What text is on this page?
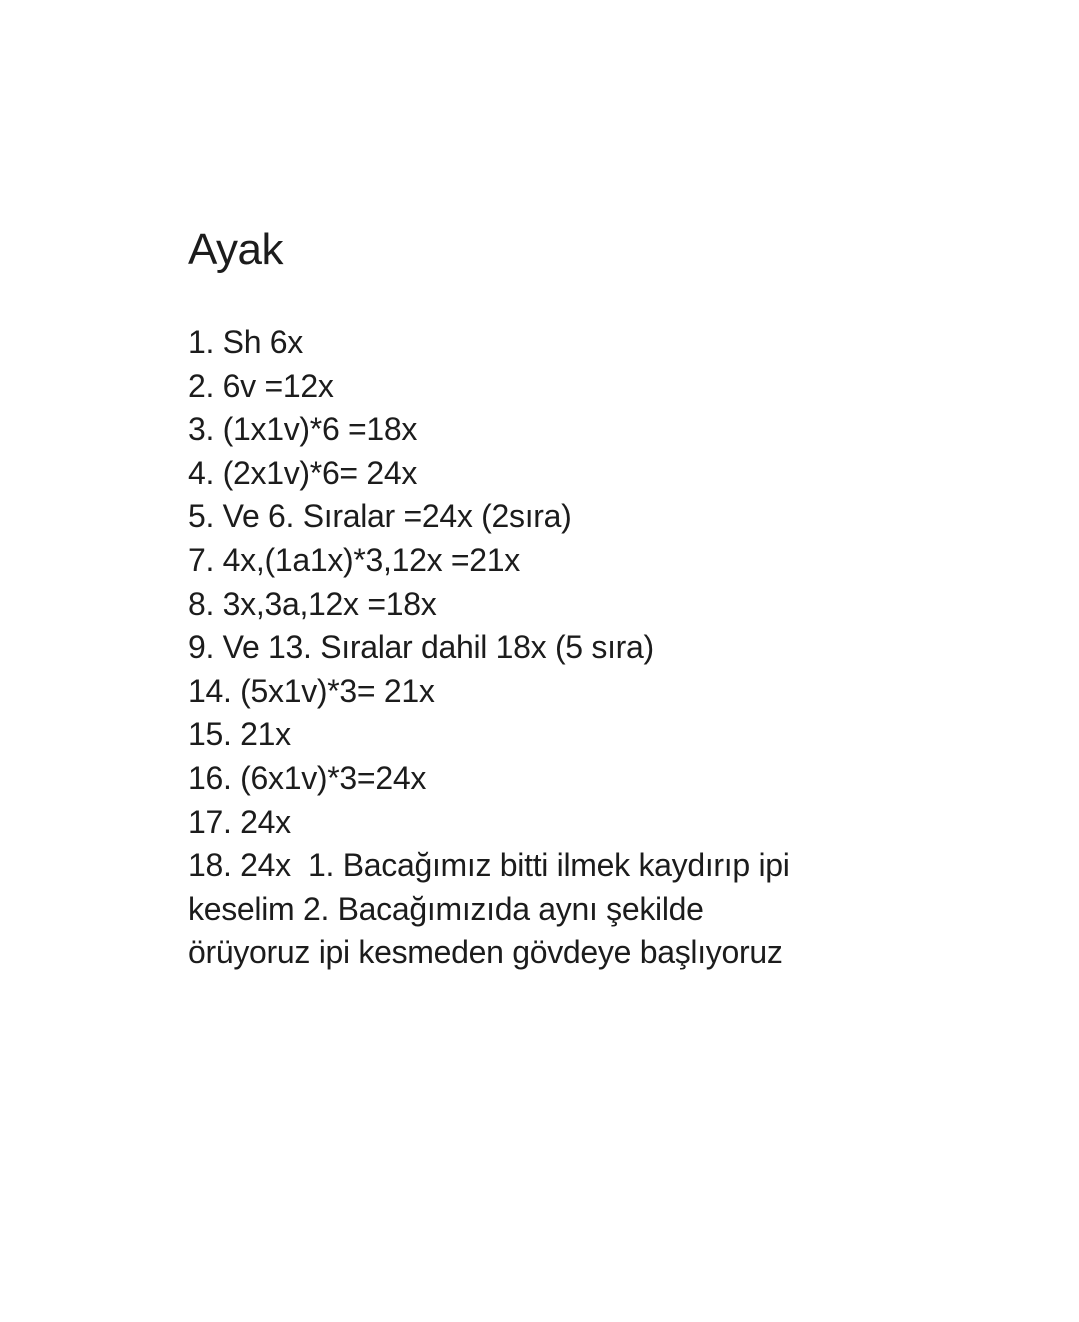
Ayak
1. Sh 6x
2. 6v =12x
3. (1x1v)*6 =18x
4. (2x1v)*6= 24x
5. Ve 6. Sıralar =24x (2sıra)
7. 4x,(1a1x)*3,12x =21x
8. 3x,3a,12x =18x
9. Ve 13. Sıralar dahil 18x (5 sıra)
14. (5x1v)*3= 21x
15. 21x
16. (6x1v)*3=24x
17. 24x
18. 24x  1. Bacağımız bitti ilmek kaydırıp ipi
keselim 2. Bacağımızıda aynı şekilde
örüyoruz ipi kesmeden gövdeye başlıyoruz
